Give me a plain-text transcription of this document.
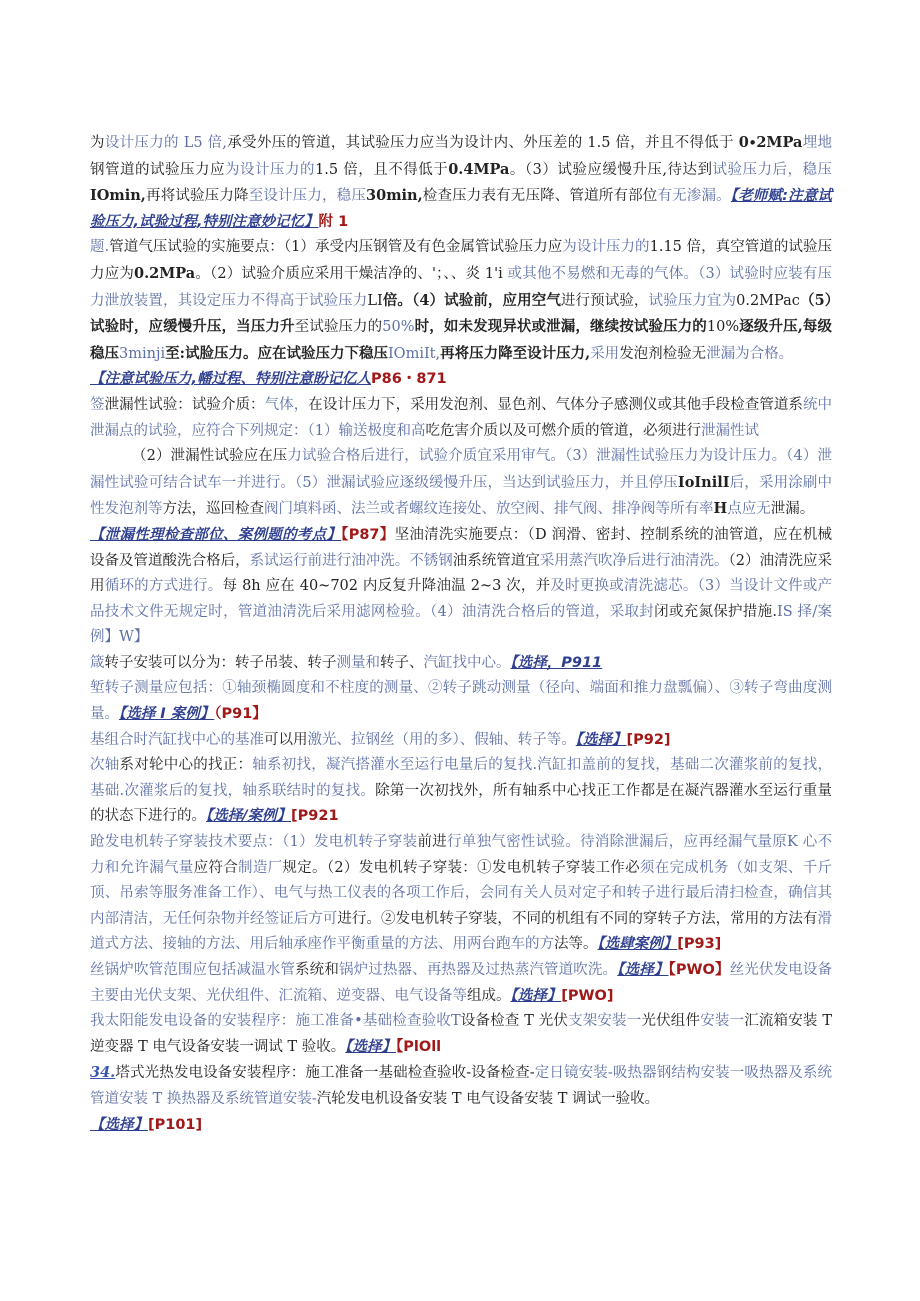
为设计压力的 L5 倍,承受外压的管道，其试验压力应当为设计内、外压差的 1.5 倍，并且不得低于 0∙2MPa埋地钢管道的试验压力应为设计压力的1.5 倍，且不得低于0.4MPa。（3）试验应缓慢升压,待达到试验压力后，稳压IOmin,再将试验压力降至设计压力，稳压30min,检查压力表有无压降、管道所有部位有无渗漏。【老师赋:注意试验压力,试验过程,特别注意妙记忆】附 1

题.管道气压试验的实施要点：（1）承受内压钢管及有色金属管试验压力应为设计压力的1.15 倍，真空管道的试验压力应为0.2MPa。（2）试验介质应采用干燥洁净的、'；、、炎 1'i 或其他不易燃和无毒的气体。（3）试验时应装有压力泄放装置，其设定压力不得高于试验压力LI倍。（4）试验前，应用空气进行预试验，试验压力宜为0.2MPac（5）试验时，应缓慢升压，当压力升至试验压力的50%时，如未发现异状或泄漏，继续按试验压力的10%逐级升压,每级稳压3minji至:试脸压力。应在试验压力下稳压IOmiIt,再将压力降至设计压力,采用发泡剂检验无泄漏为合格。

【注意试验压力,幡过程、特别注意盼记亿人P86・871

签泄漏性试验：试验介质：气体，在设计压力下，采用发泡剂、显色剂、气体分子感测仪或其他手段检查管道系统中泄漏点的试验，应符合下列规定：（1）输送极度和高吃危害介质以及可燃介质的管道，必须进行泄漏性试

（2）泄漏性试验应在压力试验合格后进行，试验介质宜采用审气。（3）泄漏性试验压力为设计压力。（4）泄漏性试验可结合试车一并进行。（5）泄漏试验应逐级缓慢升压，当达到试验压力，并且停压IoInilI后，采用涂刷中性发泡剂等方法，巡回检查阀门填料函、法兰或者螺纹连接处、放空阀、排气阀、排净阀等所有率H点应无泄漏。

【泄漏性理检查部位、案例题的考点】【P87】坚油清洗实施要点：（D 润滑、密封、控制系统的油管道，应在机械设备及管道酸洗合格后，系试运行前进行油冲洗。不锈钢油系统管道宜采用蒸汽吹净后进行油清洗。（2）油清洗应采用循环的方式进行。每 8h 应在 40~702 内反复升降油温 2~3 次，并及时更换或清洗滤芯。（3）当设计文件或产品技术文件无规定时，管道油清洗后采用滤网检验。（4）油清洗合格后的管道，采取封闭或充氮保护措施.IS 择/案例】W】

箴转子安装可以分为：转子吊装、转子测量和转子、汽缸找中心。【选择，P911

堑转子测量应包括：①轴颈椭圆度和不柱度的测量、②转子跳动测量（径向、端面和推力盘瓢偏）、③转子弯曲度测量。【选择 I 案例】（P91】

基组合时汽缸找中心的基准可以用激光、拉钢丝（用的多）、假轴、转子等。【选择】[P92]

次轴系对轮中心的找正：轴系初找，凝汽搭灌水至运行电量后的复找.汽缸扣盖前的复找，基础二次灌浆前的复找，基础.次灌浆后的复找，轴系联结时的复找。除第一次初找外，所有轴系中心找正工作都是在凝汽器灌水至运行重量的状态下进行的。【选择/案例】[P921

跄发电机转子穿装技术要点：（1）发电机转子穿装前进行单独气密性试验。待消除泄漏后，应再经漏气量原K 心不力和允许漏气量应符合制造厂规定。（2）发电机转子穿装：①发电机转子穿装工作必须在完成机务（如支架、千斤顶、吊索等服务准备工作）、电气与热工仪表的各项工作后，会同有关人员对定子和转子进行最后清扫检查，确信其内部清洁，无任何杂物并经签证后方可进行。②发电机转子穿装，不同的机组有不同的穿转子方法，常用的方法有滑道式方法、接轴的方法、用后轴承座作平衡重量的方法、用两台跑车的方法等。【选肆案例】[P93]

丝锅炉吹管范围应包括减温水管系统和锅炉过热器、再热器及过热蒸汽管道吹洗。【选择】【PWO】丝光伏发电设备主要由光伏支架、光伏组件、汇流箱、逆变器、电气设备等组成。【选择】[PWO]

我太阳能发电设备的安装程序：施工准备•基础检查验收T设备检查 T 光伏支架安装一光伏组件安装一汇流箱安装 T 逆变器 T 电气设备安装一调试 T 验收。【选择】【PlOll

34.塔式光热发电设备安装程序：施工准备一基础检查验收-设备检查-定日镜安装-吸热器钢结构安装一吸热器及系统管道安装 T 换热器及系统管道安装-汽轮发电机设备安装 T 电气设备安装 T 调试一验收。

【选择】[P101]
